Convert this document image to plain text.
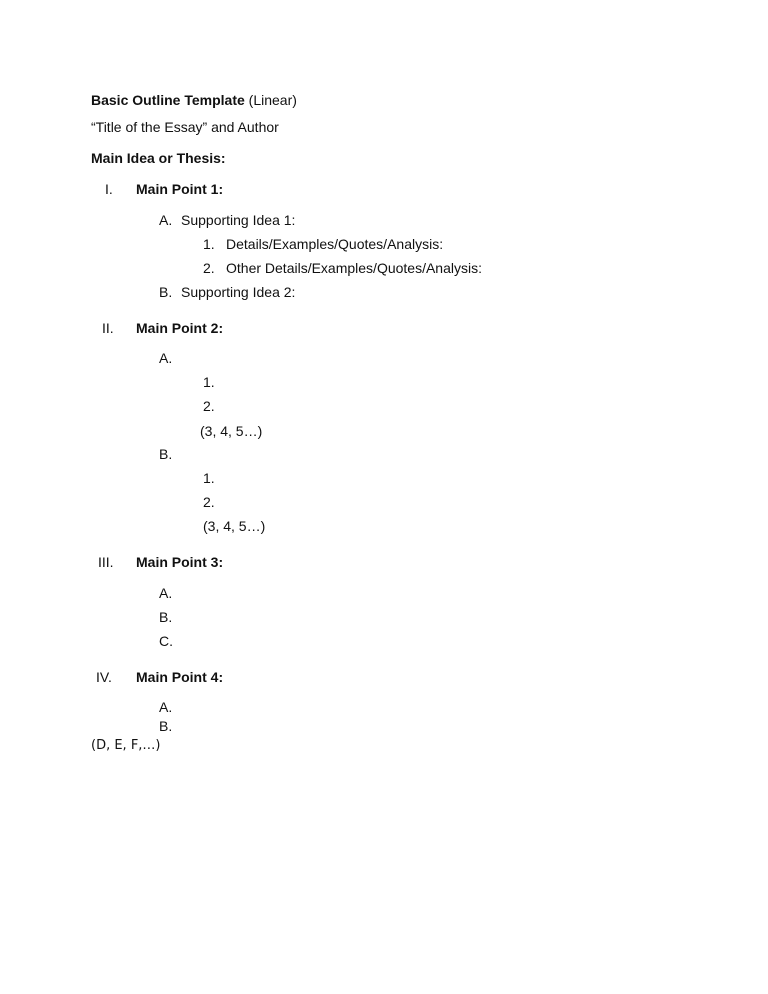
Basic Outline Template (Linear)
“Title of the Essay” and Author
Main Idea or Thesis:
I. Main Point 1:
A. Supporting Idea 1:
1. Details/Examples/Quotes/Analysis:
2. Other Details/Examples/Quotes/Analysis:
B. Supporting Idea 2:
II. Main Point 2:
A.
1.
2.
(3, 4, 5…)
B.
1.
2.
(3, 4, 5…)
III. Main Point 3:
A.
B.
C.
IV. Main Point 4:
A.
B.
(D, E, F,…)
